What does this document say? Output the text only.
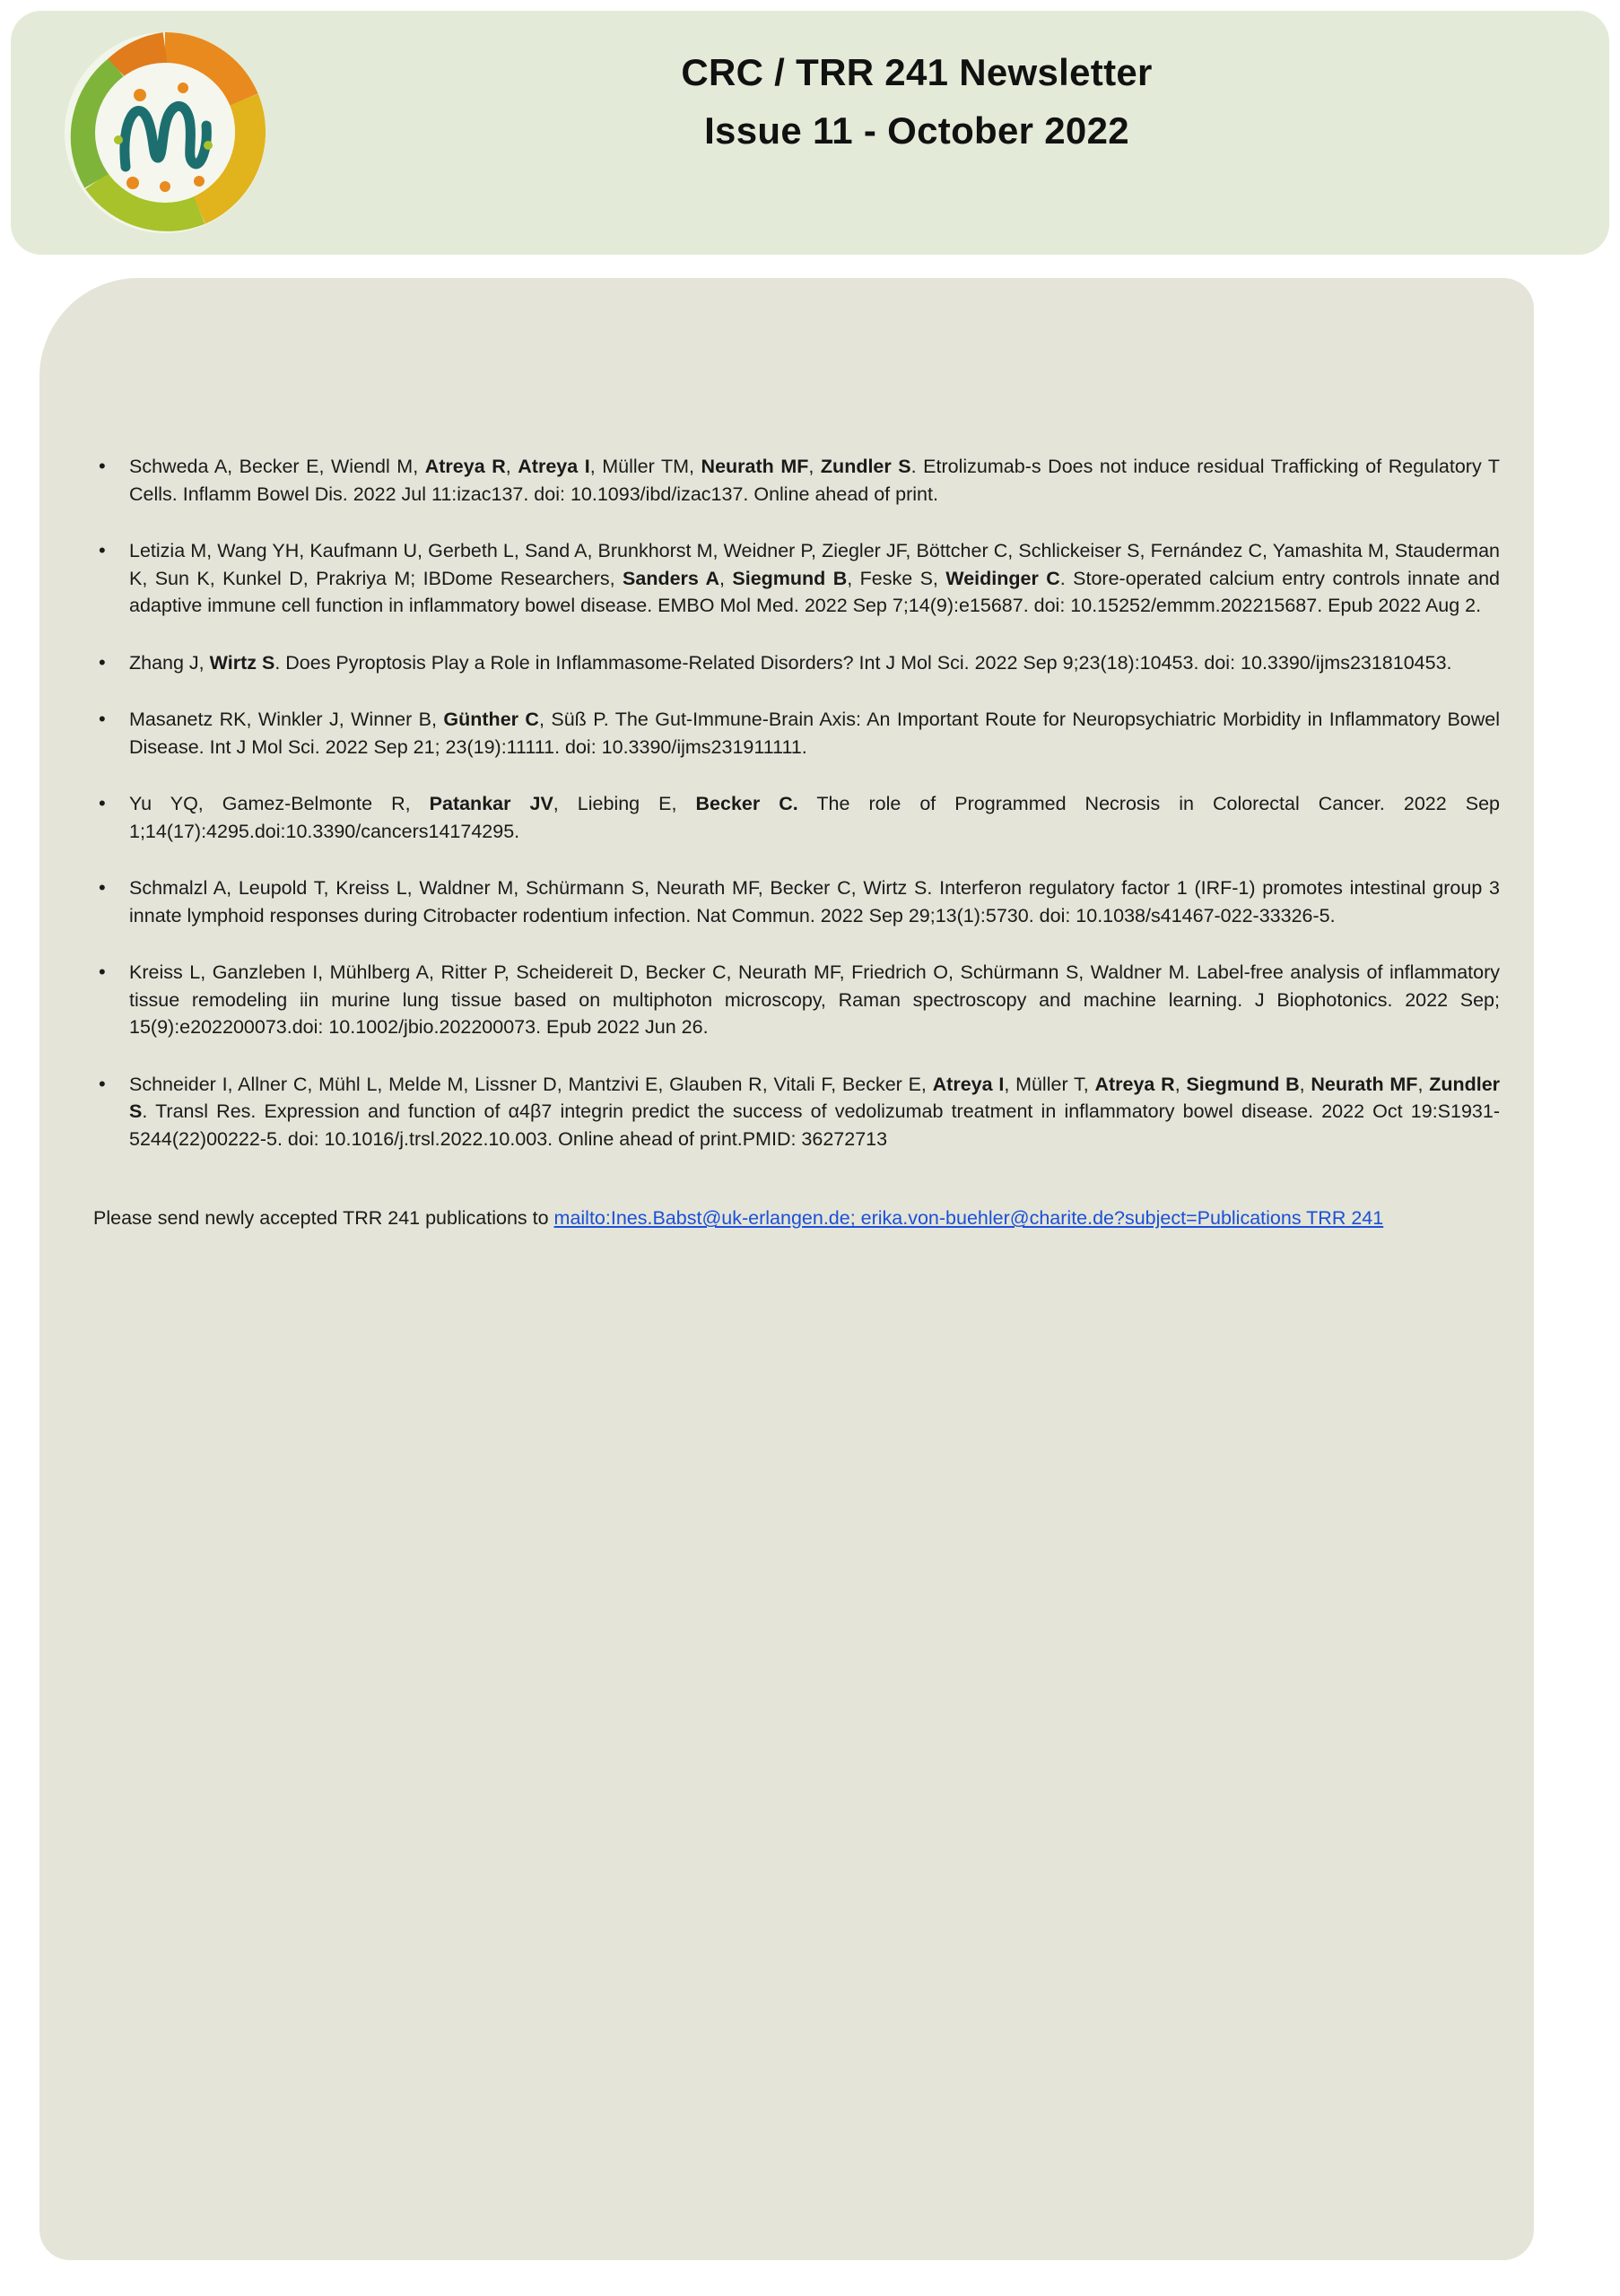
CRC / TRR 241 Newsletter
Issue 11 - October 2022
• Schweda A, Becker E, Wiendl M, Atreya R, Atreya I, Müller TM, Neurath MF, Zundler S. Etrolizumab-s Does not induce residual Trafficking of Regulatory T Cells. Inflamm Bowel Dis. 2022 Jul 11:izac137. doi: 10.1093/ibd/izac137. Online ahead of print.
• Letizia M, Wang YH, Kaufmann U, Gerbeth L, Sand A, Brunkhorst M, Weidner P, Ziegler JF, Böttcher C, Schlickeiser S, Fernández C, Yamashita M, Stauderman K, Sun K, Kunkel D, Prakriya M; IBDome Researchers, Sanders A, Siegmund B, Feske S, Weidinger C. Store-operated calcium entry controls innate and adaptive immune cell function in inflammatory bowel disease. EMBO Mol Med. 2022 Sep 7;14(9):e15687. doi: 10.15252/emmm.202215687. Epub 2022 Aug 2.
• Zhang J, Wirtz S. Does Pyroptosis Play a Role in Inflammasome-Related Disorders? Int J Mol Sci. 2022 Sep 9;23(18):10453. doi: 10.3390/ijms231810453.
• Masanetz RK, Winkler J, Winner B, Günther C, Süß P. The Gut-Immune-Brain Axis: An Important Route for Neuropsychiatric Morbidity in Inflammatory Bowel Disease. Int J Mol Sci. 2022 Sep 21; 23(19):11111. doi: 10.3390/ijms231911111.
• Yu YQ, Gamez-Belmonte R, Patankar JV, Liebing E, Becker C. The role of Programmed Necrosis in Colorectal Cancer. 2022 Sep 1;14(17):4295.doi:10.3390/cancers14174295.
• Schmalzl A, Leupold T, Kreiss L, Waldner M, Schürmann S, Neurath MF, Becker C, Wirtz S. Interferon regulatory factor 1 (IRF-1) promotes intestinal group 3 innate lymphoid responses during Citrobacter rodentium infection. Nat Commun. 2022 Sep 29;13(1):5730. doi: 10.1038/s41467-022-33326-5.
• Kreiss L, Ganzleben I, Mühlberg A, Ritter P, Scheidereit D, Becker C, Neurath MF, Friedrich O, Schürmann S, Waldner M. Label-free analysis of inflammatory tissue remodeling iin murine lung tissue based on multiphoton microscopy, Raman spectroscopy and machine learning. J Biophotonics. 2022 Sep; 15(9):e202200073.doi: 10.1002/jbio.202200073. Epub 2022 Jun 26.
• Schneider I, Allner C, Mühl L, Melde M, Lissner D, Mantzivi E, Glauben R, Vitali F, Becker E, Atreya I, Müller T, Atreya R, Siegmund B, Neurath MF, Zundler S. Transl Res. Expression and function of α4β7 integrin predict the success of vedolizumab treatment in inflammatory bowel disease. 2022 Oct 19:S1931-5244(22)00222-5. doi: 10.1016/j.trsl.2022.10.003. Online ahead of print.PMID: 36272713
Please send newly accepted TRR 241 publications to mailto:Ines.Babst@uk-erlangen.de; erika.von-buehler@charite.de?subject=Publications TRR 241
